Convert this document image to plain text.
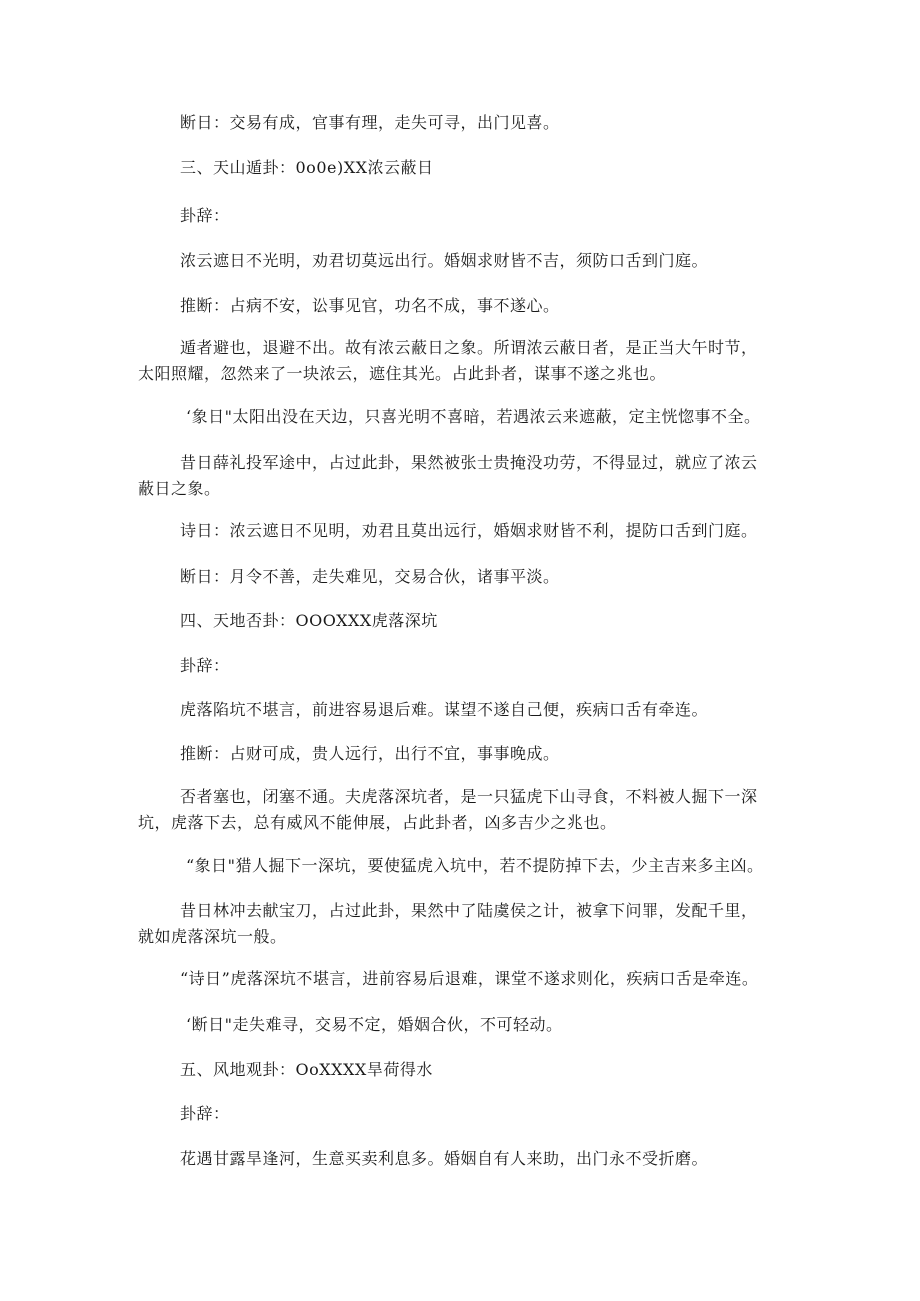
断日：交易有成，官事有理，走失可寻，出门见喜。

三、天山遁卦：0o0e)XX浓云蔽日

卦辞：

浓云遮日不光明，劝君切莫远出行。婚姻求财皆不吉，须防口舌到门庭。

推断：占病不安，讼事见官，功名不成，事不遂心。

遁者避也，退避不出。故有浓云蔽日之象。所谓浓云蔽日者，是正当大午时节，
太阳照耀，忽然来了一块浓云，遮住其光。占此卦者，谋事不遂之兆也。

‘象日"太阳出没在天边，只喜光明不喜暗，若遇浓云来遮蔽，定主恍惚事不全。

昔日薛礼投军途中，占过此卦，果然被张士贵掩没功劳，不得显过，就应了浓云
蔽日之象。

诗日：浓云遮日不见明，劝君且莫出远行，婚姻求财皆不利，提防口舌到门庭。

断日：月令不善，走失难见，交易合伙，诸事平淡。

四、天地否卦：OOOXXX虎落深坑

卦辞：

虎落陷坑不堪言，前进容易退后难。谋望不遂自己便，疾病口舌有牵连。

推断：占财可成，贵人远行，出行不宜，事事晚成。

否者塞也，闭塞不通。夫虎落深坑者，是一只猛虎下山寻食，不料被人掘下一深
坑，虎落下去，总有威风不能伸展，占此卦者，凶多吉少之兆也。

“象日"猎人掘下一深坑，要使猛虎入坑中，若不提防掉下去，少主吉来多主凶。

昔日林冲去献宝刀，占过此卦，果然中了陆虞侯之计，被拿下问罪，发配千里，
就如虎落深坑一般。

“诗日”虎落深坑不堪言，进前容易后退难，课堂不遂求则化，疾病口舌是牵连。

‘断日"走失难寻，交易不定，婚姻合伙，不可轻动。

五、风地观卦：OoXXXX旱荷得水

卦辞：

花遇甘露旱逢河，生意买卖利息多。婚姻自有人来助，出门永不受折磨。
